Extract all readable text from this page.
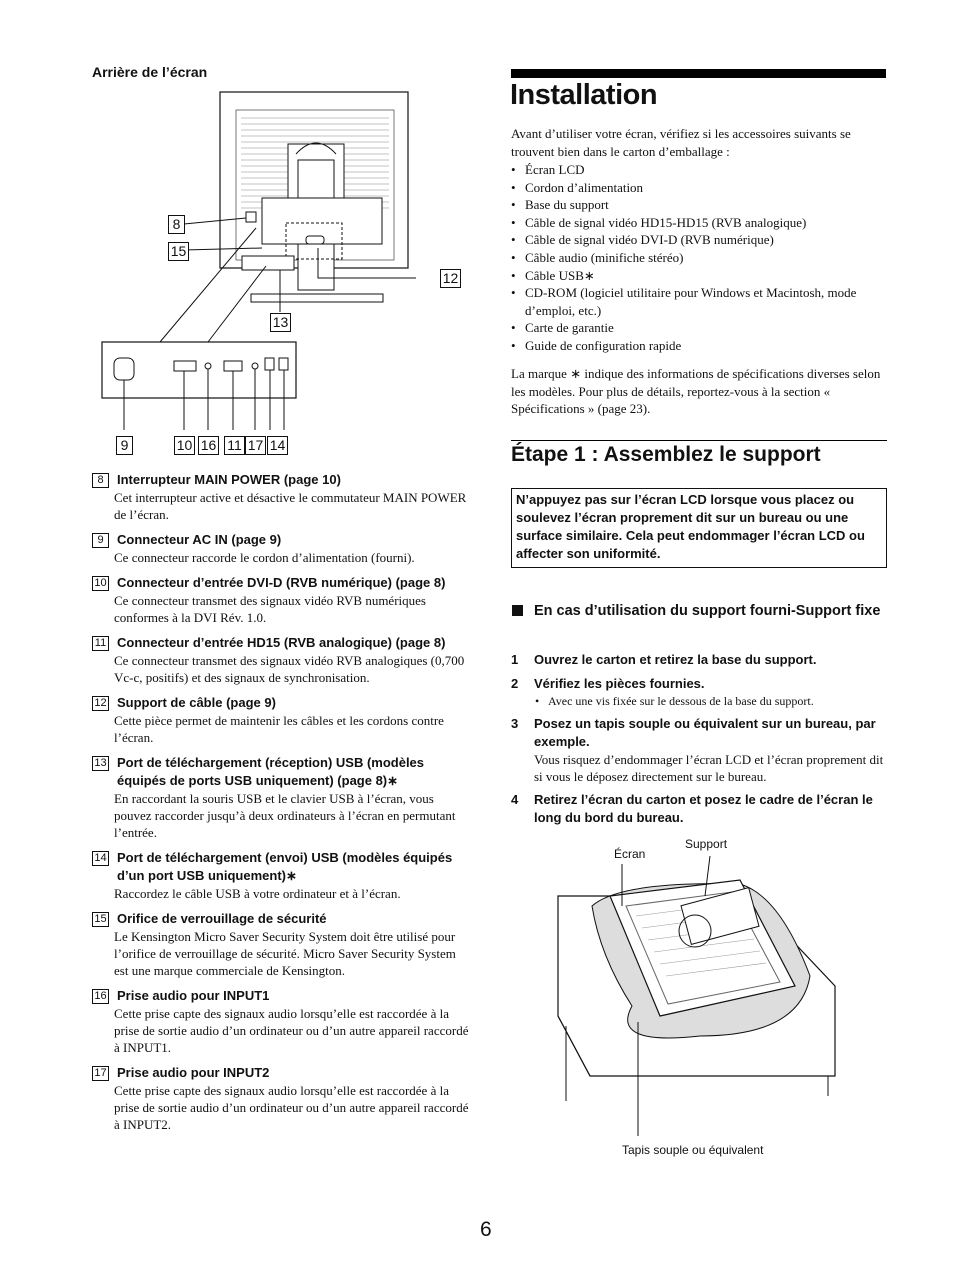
Arrière de l’écran
8
15
12
13
9	10 16 11 17 14
8	Interrupteur MAIN POWER (page 10)
Cet interrupteur active et désactive le commutateur MAIN POWER de l’écran.
9	Connecteur AC IN (page 9)
Ce connecteur raccorde le cordon d’alimentation (fourni).
10 Connecteur d’entrée DVI-D (RVB numérique) (page 8)
Ce connecteur transmet des signaux vidéo RVB numériques conformes à la DVI Rév. 1.0.
11 Connecteur d’entrée HD15 (RVB analogique) (page 8)
Ce connecteur transmet des signaux vidéo RVB analogiques (0,700 Vc-c, positifs) et des signaux de synchronisation.
12 Support de câble (page 9)
Cette pièce permet de maintenir les câbles et les cordons contre l’écran.
13 Port de téléchargement (réception) USB (modèles équipés de ports USB uniquement) (page 8)∗
En raccordant la souris USB et le clavier USB à l’écran, vous pouvez raccorder jusqu’à deux ordinateurs à l’écran en permutant l’entrée.
14 Port de téléchargement (envoi) USB (modèles équipés d’un port USB uniquement)∗
Raccordez le câble USB à votre ordinateur et à l’écran.
15 Orifice de verrouillage de sécurité
Le Kensington Micro Saver Security System doit être utilisé pour l’orifice de verrouillage de sécurité. Micro Saver Security System est une marque commerciale de Kensington.
16 Prise audio pour INPUT1
Cette prise capte des signaux audio lorsqu’elle est raccordée à la prise de sortie audio d’un ordinateur ou d’un autre appareil raccordé à INPUT1.
17 Prise audio pour INPUT2
Cette prise capte des signaux audio lorsqu’elle est raccordée à la prise de sortie audio d’un ordinateur ou d’un autre appareil raccordé à INPUT2.
Installation
Avant d’utiliser votre écran, vérifiez si les accessoires suivants se trouvent bien dans le carton d’emballage :
• Écran LCD
• Cordon d’alimentation
• Base du support
• Câble de signal vidéo HD15-HD15 (RVB analogique)
• Câble de signal vidéo DVI-D (RVB numérique)
• Câble audio (minifiche stéréo)
• Câble USB∗
• CD-ROM (logiciel utilitaire pour Windows et Macintosh, mode d’emploi, etc.)
• Carte de garantie
• Guide de configuration rapide
La marque ∗ indique des informations de spécifications diverses selon les modèles. Pour plus de détails, reportez-vous à la section « Spécifications » (page 23).
Étape 1 : Assemblez le support
N’appuyez pas sur l’écran LCD lorsque vous placez ou soulevez l’écran proprement dit sur un bureau ou une surface similaire. Cela peut endommager l’écran LCD ou affecter son uniformité.
En cas d’utilisation du support fourni-Support fixe
1	Ouvrez le carton et retirez la base du support.
2	Vérifiez les pièces fournies.
• Avec une vis fixée sur le dessous de la base du support.
3	Posez un tapis souple ou équivalent sur un bureau, par exemple.
Vous risquez d’endommager l’écran LCD et l’écran proprement dit si vous le déposez directement sur le bureau.
4	Retirez l’écran du carton et posez le cadre de l’écran le long du bord du bureau.
Écran
Support
Tapis souple ou équivalent
6
